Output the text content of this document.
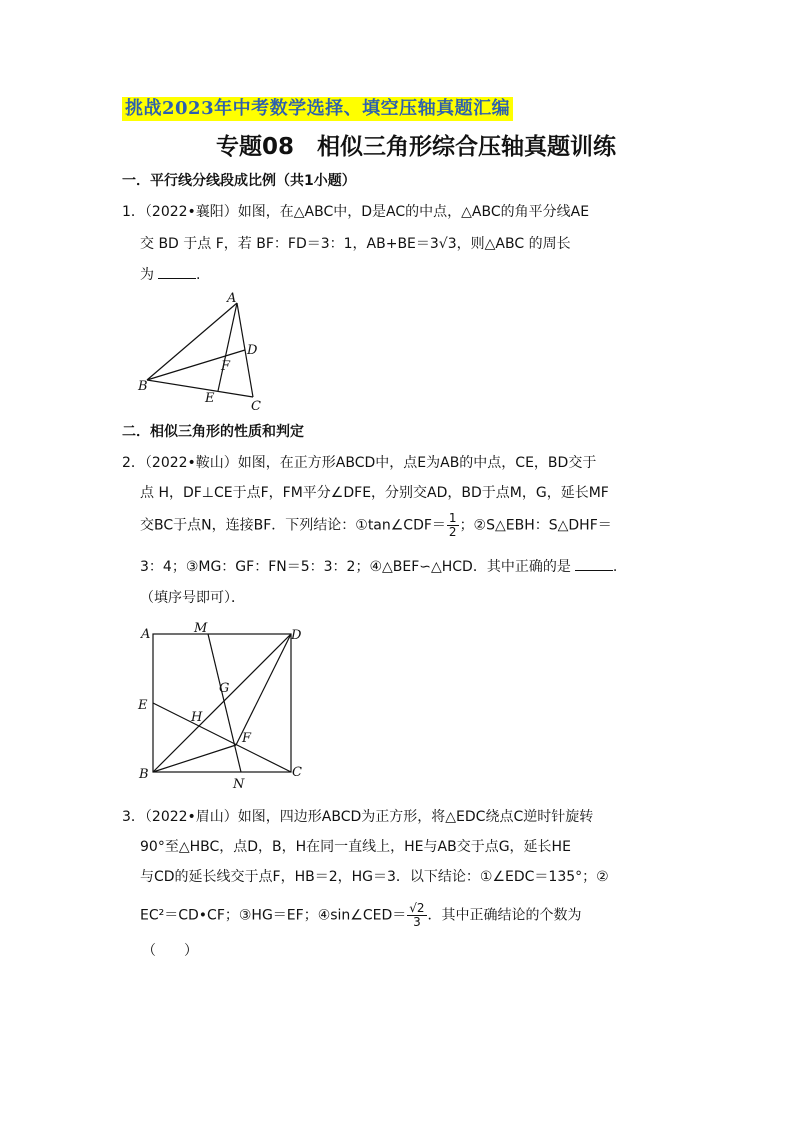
挑战2023年中考数学选择、填空压轴真题汇编
专题08　相似三角形综合压轴真题训练
一．平行线分线段成比例（共1小题）
1．（2022•襄阳）如图，在△ABC中，D是AC的中点，△ABC的角平分线AE
交 BD 于点 F，若 BF：FD＝3：1，AB+BE＝3√3，则△ABC 的周长
为	.
A
D
F
B
E
C
二．相似三角形的性质和判定
2．（2022•鞍山）如图，在正方形ABCD中，点E为AB的中点，CE，BD交于
点 H，DF⊥CE于点F，FM平分∠DFE，分别交AD，BD于点M，G，延长MF
交BC于点N，连接BF．下列结论：①tan∠CDF＝ $\frac{1}{2}$ ；②S△EBH：S△DHF＝
3：4；③MG：GF：FN＝5：3：2；④△BEF∽△HCD．其中正确的是	.
（填序号即可）．
A	M	D
G
E
H
F
B
N
C
3．（2022•眉山）如图，四边形ABCD为正方形，将△EDC绕点C逆时针旋转
90°至△HBC，点D，B，H在同一直线上，HE与AB交于点G，延长HE
与CD的延长线交于点F，HB＝2，HG＝3．以下结论：①∠EDC＝135°；②
EC²＝CD•CF；③HG＝EF；④sin∠CED＝ $\frac{√2}{3}$ ．其中正确结论的个数为
（　　）
